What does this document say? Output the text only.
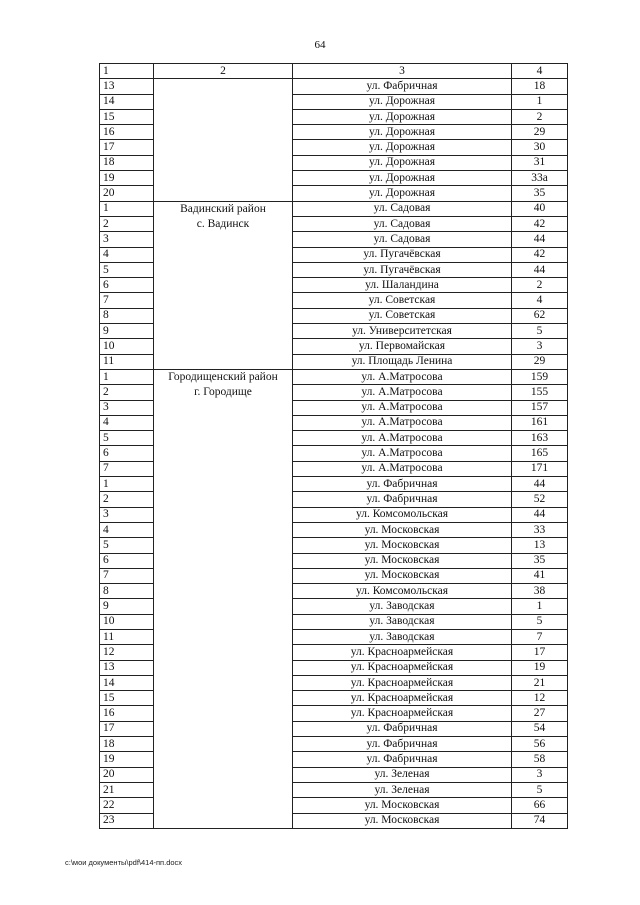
64
1	2	3	4
13		ул. Фабричная	18
14		ул. Дорожная	1
15		ул. Дорожная	2
16		ул. Дорожная	29
17		ул. Дорожная	30
18		ул. Дорожная	31
19		ул. Дорожная	33а
20		ул. Дорожная	35
1	Вадинский район	ул. Садовая	40
2	с. Вадинск	ул. Садовая	42
3		ул. Садовая	44
4		ул. Пугачёвская	42
5		ул. Пугачёвская	44
6		ул. Шаландина	2
7		ул. Советская	4
8		ул. Советская	62
9		ул. Университетская	5
10		ул. Первомайская	3
11		ул. Площадь Ленина	29
1	Городищенский район	ул. А.Матросова	159
2	г. Городище	ул. А.Матросова	155
3		ул. А.Матросова	157
4		ул. А.Матросова	161
5		ул. А.Матросова	163
6		ул. А.Матросова	165
7		ул. А.Матросова	171
1		ул. Фабричная	44
2		ул. Фабричная	52
3		ул. Комсомольская	44
4		ул. Московская	33
5		ул. Московская	13
6		ул. Московская	35
7		ул. Московская	41
8		ул. Комсомольская	38
9		ул. Заводская	1
10		ул. Заводская	5
11		ул. Заводская	7
12		ул. Красноармейская	17
13		ул. Красноармейская	19
14		ул. Красноармейская	21
15		ул. Красноармейская	12
16		ул. Красноармейская	27
17		ул. Фабричная	54
18		ул. Фабричная	56
19		ул. Фабричная	58
20		ул. Зеленая	3
21		ул. Зеленая	5
22		ул. Московская	66
23		ул. Московская	74
c:\мои документы\pdf\414-пп.docx
